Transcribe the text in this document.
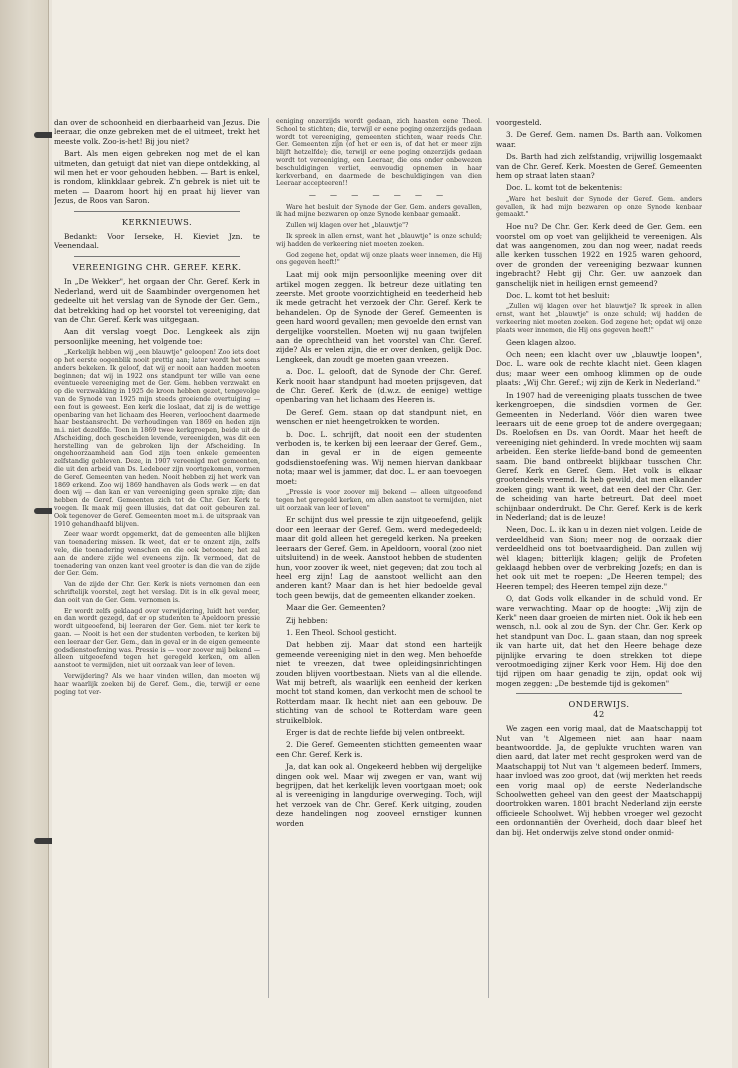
dan over de schoonheid en dierbaarheid van Jezus. Die leeraar, die onze gebreken met de el uitmeet, trekt het meeste volk. Zoo-is-het! Bij jou niet?

Bart. Als men eigen gebreken nog met de el kan uitmeten, dan getuigt dat niet van diepe ontdekking, al wil men het er voor gehouden hebben. — Bart is enkel, is rondom, klinkklaar gebrek. Z'n gebrek is niet uit te meten — Daarom hoort hij en praat hij liever van Jezus, de Roos van Saron.

KERKNIEUWS.

Bedankt: Voor Ierseke, H. Kieviet Jzn. te Veenendaal.

VEREENIGING CHR. GEREF. KERK.

In „De Wekker", het orgaan der Chr. Geref. Kerk in Nederland, werd uit de Saambinder overgenomen het gedeelte uit het verslag van de Synode der Ger. Gem., dat betrekking had op het voorstel tot vereeniging, dat van de Chr. Geref. Kerk was uitgegaan.

Aan dit verslag voegt Doc. Lengkeek als zijn persoonlijke meening, het volgende toe:

„Kerkelijk hebben wij „een blauwtje" geloopen! Zoo iets doet op het eerste oogenblik nooit prettig aan; later wordt het soms anders bekeken. Ik geloof, dat wij er nooit aan hadden moeten beginnen; dat wij in 1922 ons standpunt ter wille van eene eventueele vereeniging met de Ger. Gem. hebben verzwakt en op die verzwakking in 1925 de kroon hebben gezet, tengevolge van de Synode van 1925 mijn steeds groeiende overtuiging — een fout is geweest. Een kerk die loslaat, dat zij is de wettige openbaring van het lichaam des Heeren, verloochent daarmede haar bestaansrecht. De verhoudingen van 1869 en heden zijn m.i. niet dezelfde. Toen in 1869 twee kerkgroepen, beide uit de Afscheiding, doch gescheiden levende, vereenigden, was dit een herstelling van de gebroken lijn der Afscheiding. In ongehoorzaamheid aan God zijn toen enkele gemeenten zelfstandig gebleven. Deze, in 1907 vereenigd met gemeenten, die uit den arbeid van Ds. Ledeboer zijn voortgekomen, vormen de Geref. Gemeenten van heden. Nooit hebben zij het werk van 1869 erkend. Zoo wij 1869 handhaven als Gods werk — en dat doen wij — dan kan er van vereeniging geen sprake zijn; dan hebben de Geref. Gemeenten zich tot de Chr. Ger. Kerk te voegen. Ik maak mij geen illusies, dat dat ooit gebeuren zal. Ook tegenover de Geref. Gemeenten moet m.i. de uitspraak van 1910 gehandhaafd blijven.

Zeer waar wordt opgemerkt, dat de gemeenten alle blijken van toenadering missen. Ik weet, dat er te onzent zijn, zelfs vele, die toenadering wenschen en die ook betoonen; het zal aan de andere zijde wel eveneens zijn. Ik vermoed, dat de toenadering van onzen kant veel grooter is dan die van de zijde der Ger. Gem.

Van de zijde der Chr. Ger. Kerk is niets vernomen dan een schriftelijk voorstel, zegt het verslag. Dit is in elk geval meer, dan ooit van de Ger. Gem. vernomen is.

Er wordt zelfs geklaagd over verwijdering, luidt het verder, en dan wordt gezegd, dat er op studenten te Apeldoorn pressie wordt uitgeoefend, bij leeraren der Ger. Gem. niet ter kerk te gaan. — Nooit is het een der studenten verboden, te kerken bij een leeraar der Ger. Gem., dan in geval er in de eigen gemeente godsdienstoefening was. Pressie is — voor zoover mij bekend — alleen uitgeoefend tegen het geregeld kerken, om allen aanstoot te vermijden, niet uit oorzaak van leer of leven.

Verwijdering? Als we haar vinden willen, dan moeten wij haar waarlijk zoeken bij de Geref. Gem., die, terwijl er eene poging tot ver-

eeniging onzerzijds wordt gedaan, zich haasten eene Theol. School te stichten; die, terwijl er eene poging onzerzijds gedaan wordt tot vereeniging, gemeenten stichten, waar reeds Chr. Ger. Gemeenten zijn (of het er een is, of dat het er meer zijn blijft hetzelfde); die, terwijl er eene poging onzerzijds gedaan wordt tot vereeniging, een Leeraar, die ons onder onbewezen beschuldigingen verliet, eenvoudig opnemen in haar kerkverband, en daarmede de beschuldigingen van dien Leeraar accepteeren!!

— — — — — — —

Ware het besluit der Synode der Ger. Gem. anders gevallen, ik had mijne bezwaren op onze Synode kenbaar gemaakt.

Zullen wij klagen over het „blauwtje"?

Ik spreek in allen ernst, want het „blauwtje" is onze schuld; wij hadden de verkeering niet moeten zoeken.

God zegene het, opdat wij onze plaats weer innemen, die Hij ons gegeven heeft!"

Laat mij ook mijn persoonlijke meening over dit artikel mogen zeggen. Ik betreur deze uitlating ten zeerste. Met groote voorzichtigheid en teederheid heb ik mede getracht het verzoek der Chr. Geref. Kerk te behandelen. Op de Synode der Geref. Gemeenten is geen hard woord gevallen; men gevoelde den ernst van dergelijke voorstellen. Moeten wij nu gaan twijfelen aan de oprechtheid van het voorstel van Chr. Geref. zijde? Als er velen zijn, die er over denken, gelijk Doc. Lengkeek, dan zoudt ge moeten gaan vreezen.

a. Doc. L. gelooft, dat de Synode der Chr. Geref. Kerk nooit haar standpunt had moeten prijsgeven, dat de Chr. Geref. Kerk de (d.w.z. de eenige) wettige openbaring van het lichaam des Heeren is.

De Geref. Gem. staan op dat standpunt niet, en wenschen er niet heengetrokken te worden.

b. Doc. L. schrijft, dat nooit een der studenten verboden is, te kerken bij een leeraar der Geref. Gem., dan in geval er in de eigen gemeente godsdienstoefening was. Wij nemen hiervan dankbaar nota; maar wel is jammer, dat doc. L. er aan toevoegen moet:

„Pressie is voor zoover mij bekend — alleen uitgeoefend tegen het geregeld kerken, om allen aanstoot te vermijden, niet uit oorzaak van leer of leven"

Er schijnt dus wel pressie te zijn uitgeoefend, gelijk door een leeraar der Geref. Gem. werd medegedeeld; maar dit gold alleen het geregeld kerken. Na preeken leeraars der Geref. Gem. in Apeldoorn, vooral (zoo niet uitsluitend) in de week. Aanstoot hebben de studenten hun, voor zoover ik weet, niet gegeven; dat zou toch al heel erg zijn! Lag de aanstoot wellicht aan den anderen kant? Maar dan is het hier bedoelde geval toch geen bewijs, dat de gemeenten elkander zoeken.

Maar die Ger. Gemeenten?

Zij hebben:

1. Een Theol. School gesticht.

Dat hebben zij. Maar dat stond een harteijk gemeende vereeniging niet in den weg. Men behoefde niet te vreezen, dat twee opleidingsinrichtingen zouden blijven voortbestaan. Niets van al die ellende. Wat mij betreft, als waarlijk een eenheid der kerken mocht tot stand komen, dan verkocht men de school te Rotterdam maar. Ik hecht niet aan een gebouw. De stichting van de school te Rotterdam ware geen struikelblok.

Erger is dat de rechte liefde bij velen ontbreekt.

2. Die Geref. Gemeenten stichtten gemeenten waar een Chr. Geref. Kerk is.

Ja, dat kan ook al. Ongekeerd hebben wij dergelijke dingen ook wel. Maar wij zwegen er van, want wij begrijpen, dat het kerkelijk leven voortgaan moet; ook al is vereeniging in langdurige overweging. Toch, wijl het verzoek van de Chr. Geref. Kerk uitging, zouden deze handelingen nog zooveel ernstiger kunnen worden

voorgesteld.

3. De Geref. Gem. namen Ds. Barth aan. Volkomen waar.

Ds. Barth had zich zelfstandig, vrijwillig losgemaakt van de Chr. Geref. Kerk. Moesten de Geref. Gemeenten hem op straat laten staan?

Doc. L. komt tot de bekentenis:

„Ware het besluit der Synode der Geref. Gem. anders gevallen, ik had mijn bezwaren op onze Synode kenbaar gemaakt."

Hoe nu? De Chr. Ger. Kerk deed de Ger. Gem. een voorstel om op voet van gelijkheid te vereenigen. Als dat was aangenomen, zou dan nog weer, nadat reeds alle kerken tusschen 1922 en 1925 waren gehoord, over de gronden der vereeniging bezwaar kunnen ingebracht? Hebt gij Chr. Ger. uw aanzoek dan ganschelijk niet in heiligen ernst gemeend?

Doc. L. komt tot het besluit:

„Zullen wij klagen over het blauwtje? Ik spreek in allen ernst, want het „blauwtje" is onze schuld; wij hadden de verkeering niet moeten zoeken. God zegene het; opdat wij onze plaats weer innemen, die Hij ons gegeven heeft!"

Geen klagen alzoo.

Och neen; een klacht over uw „blauwtje loopen", Doc. L. ware ook de rechte klacht niet. Geen klagen dus; maar weer een omhoog klimmen op de oude plaats: „Wij Chr. Geref.; wij zijn de Kerk in Nederland."

In 1907 had de vereeniging plaats tusschen de twee kerkengroepen, die sindsdien vormen de Ger. Gemeenten in Nederland. Vóór dien waren twee leeraars uit de eene groep tot de andere overgegaan; Ds. Roelofsen en Ds. van Oordt. Maar het heeft de vereeniging niet gehinderd. In vrede mochten wij saam arbeiden. Een sterke liefde-band bond de gemeenten saam. Die band ontbreekt blijkbaar tusschen Chr. Geref. Kerk en Geref. Gem. Het volk is elkaar grootendeels vreemd. Ik heb gewild, dat men elkander zoeken ging; want ik weet, dat een deel der Chr. Ger. de scheiding van harte betreurt. Dat deel moet schijnbaar onderdrukt. De Chr. Geref. Kerk is de kerk in Nederland; dat is de leuze!

Neen, Doc. L. ik kan u in dezen niet volgen. Leide de verdeeldheid van Sion; meer nog de oorzaak dier verdeeldheid ons tot boetvaardigheid. Dan zullen wij wèl klagen; bitterlijk klagen; gelijk de Profeten geklaagd hebben over de verbreking Jozefs; en dan is het ook uit met te roepen: „De Heeren tempel; des Heeren tempel; des Heeren tempel zijn deze."

O, dat Gods volk elkander in de schuld vond. Er ware verwachting. Maar op de hoogte: „Wij zijn de Kerk" neen daar groeien de mirten niet. Ook ik heb een wensch, n.l. ook al zou de Syn. der Chr. Ger. Kerk op het standpunt van Doc. L. gaan staan, dan nog spreek ik van harte uit, dat het den Heere behage deze pijnlijke ervaring te doen strekken tot diepe verootmoediging zijner Kerk voor Hem. Hij doe den tijd rijpen om haar genadig te zijn, opdat ook wij mogen zeggen: „De bestemde tijd is gekomen"

ONDERWIJS.
42

We zagen een vorig maal, dat de Maatschappij tot Nut van 't Algemeen niet aan haar naam beantwoordde. Ja, de geplukte vruchten waren van dien aard, dat later met recht gesproken werd van de Maatschappij tot Nut van 't algemeen bederf. Immers, haar invloed was zoo groot, dat (wij merkten het reeds een vorig maal op) de eerste Nederlandsche Schoolwetten geheel van den geest der Maatschappij doortrokken waren. 1801 bracht Nederland zijn eerste officieele Schoolwet. Wij hebben vroeger wel gezocht een ordonnantiën der Overheid, doch daar bleef het dan bij. Het onderwijs zelve stond onder onmid-
